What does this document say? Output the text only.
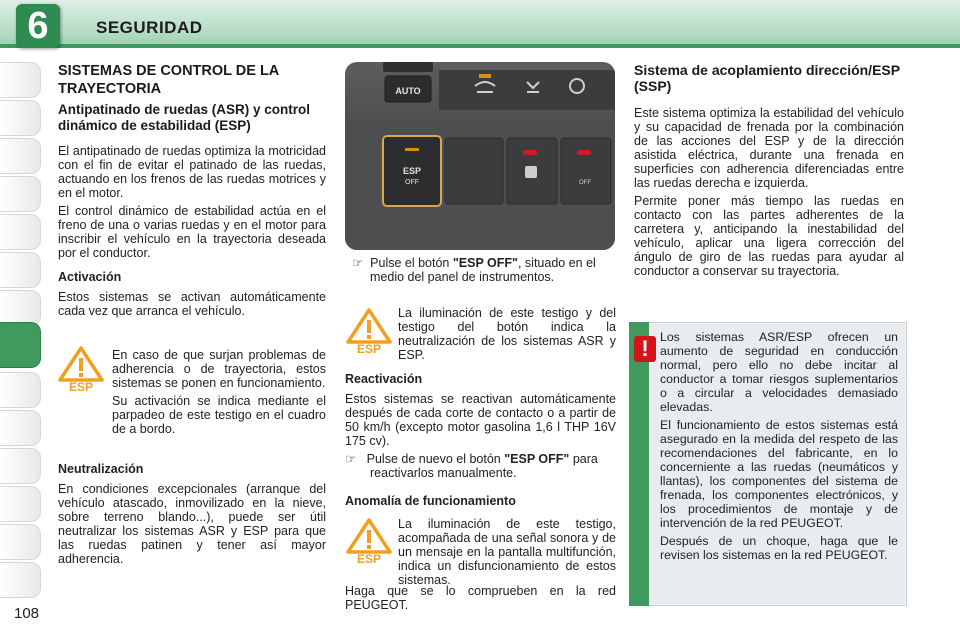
6	SEGURIDAD

SISTEMAS DE CONTROL DE LA TRAYECTORIA

Antipatinado de ruedas (ASR) y control dinámico de estabilidad (ESP)

El antipatinado de ruedas optimiza la motricidad con el fin de evitar el patinado de las ruedas, actuando en los frenos de las ruedas motrices y en el motor.

El control dinámico de estabilidad actúa en el freno de una o varias ruedas y en el motor para inscribir el vehículo en la trayectoria deseada por el conductor.

Activación

Estos sistemas se activan automáticamente cada vez que arranca el vehículo.

ESP

En caso de que surjan problemas de adherencia o de trayectoria, estos sistemas se ponen en funcionamiento.

Su activación se indica mediante el parpadeo de este testigo en el cuadro de a bordo.

Neutralización

En condiciones excepcionales (arranque del vehículo atascado, inmovilizado en la nieve, sobre terreno blando...), puede ser útil neutralizar los sistemas ASR y ESP para que las ruedas patinen y tener así mayor adherencia.

AUTO
ESP
OFF	OFF

☞  Pulse el botón "ESP OFF", situado en el medio del panel de instrumentos.

ESP

La iluminación de este testigo y del testigo del botón indica la neutralización de los sistemas ASR y ESP.

Reactivación

Estos sistemas se reactivan automáticamente después de cada corte de contacto o a partir de 50 km/h (excepto motor gasolina 1,6 l THP 16V 175 cv).

☞   Pulse de nuevo el botón "ESP OFF" para reactivarlos manualmente.

Anomalía de funcionamiento

ESP

La iluminación de este testigo, acompañada de una señal sonora y de un mensaje en la pantalla multifunción, indica un disfuncionamiento de estos sistemas.

Haga que se lo comprueben en la red PEUGEOT.

Sistema de acoplamiento dirección/ESP (SSP)

Este sistema optimiza la estabilidad del vehículo y su capacidad de frenada por la combinación de las acciones del ESP y de la dirección asistida eléctrica, durante una frenada en superficies con adherencia diferenciadas entre las ruedas derecha e izquierda.

Permite poner más tiempo las ruedas en contacto con las partes adherentes de la carretera y, anticipando la inestabilidad del vehículo, aplicar una ligera corrección del ángulo de giro de las ruedas para ayudar al conductor a conservar su trayectoria.

! Los sistemas ASR/ESP ofrecen un aumento de seguridad en conducción normal, pero ello no debe incitar al conductor a tomar riesgos suplementarios o a circular a velocidades demasiado elevadas.

El funcionamiento de estos sistemas está asegurado en la medida del respeto de las recomendaciones del fabricante, en lo concerniente a las ruedas (neumáticos y llantas), los componentes del sistema de frenada, los componentes electrónicos, y los procedimientos de montaje y de intervención de la red PEUGEOT.

Después de un choque, haga que le revisen los sistemas en la red PEUGEOT.

108
